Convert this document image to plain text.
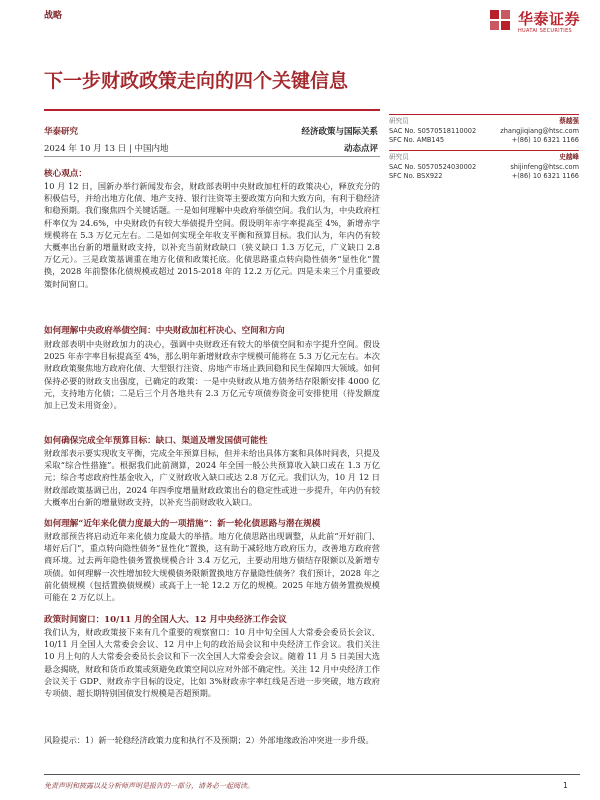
战略	华泰证券
HUATAI SECURITIES
下一步财政政策走向的四个关键信息
华泰研究	经济政策与国际关系
2024 年 10 月 13 日 | 中国内地	动态点评
研究员	蔡越强
SAC No. S0570518110002	zhangjiqiang@htsc.com
SFC No. AMB145	+(86) 10 6321 1166
研究员	史越峰
SAC No. S0570524030002	shijinfeng@htsc.com
SFC No. BSX922	+(86) 10 6321 1166
核心观点：

10 月 12 日，国新办举行新闻发布会，财政部表明中央财政加杠杆的政策决心，释放充分的积极信号，并给出地方化债、地产支持、银行注资等主要政策方向和大致方向，有利于稳经济和稳预期。我们聚焦四个关键话题。一是如何理解中央政府举债空间。我们认为，中央政府杠杆率仅为 24.6%，中央财政仍有较大举债提升空间。假设明年赤字率提高至 4%，新增赤字规模将在 5.3 万亿元左右。二是如何实现全年收支平衡和预算目标。我们认为，年内仍有较大概率出台新的增量财政支持，以补充当前财政缺口（狭义缺口 1.3 万亿元，广义缺口 2.8 万亿元）。三是政策基调重在地方化债和政策托底。化债思路重点转向隐性债务“显性化”置换，2028 年前整体化债规模或超过 2015-2018 年的 12.2 万亿元。四是未来三个月重要政策时间窗口。

如何理解中央政府举债空间：中央财政加杠杆决心、空间和方向

财政部表明中央财政加力的决心，强调中央财政还有较大的举债空间和赤字提升空间。假设 2025 年赤字率目标提高至 4%，那么明年新增财政赤字规模可能将在 5.3 万亿元左右。本次财政政策聚焦地方政府化债、大型银行注资、房地产市场止跌回稳和民生保障四大领域。如何保持必要的财政支出强度，已确定的政策：一是中央财政从地方债务结存限额安排 4000 亿元，支持地方化债；二是后三个月各地共有 2.3 万亿元专项债券资金可安排使用（待发额度加上已发未用资金）。

如何确保完成全年预算目标：缺口、渠道及增发国债可能性

财政部表示要实现收支平衡，完成全年预算目标，但并未给出具体方案和具体时间表，只提及采取“综合性措施”。根据我们此前测算，2024 年全国一般公共预算收入缺口或在 1.3 万亿元；综合考虑政府性基金收入，广义财政收入缺口或达 2.8 万亿元。我们认为，10 月 12 日财政部政策基调已出，2024 年四季度增量财政政策出台的稳定性或进一步提升，年内仍有较大概率出台新的增量财政支持，以补充当前财政收入缺口。

如何理解“近年来化债力度最大的一项措施”：新一轮化债思路与潜在规模

财政部预告将启动近年来化债力度最大的举措。地方化债思路出现调整，从此前“开好前门、堵好后门”，重点转向隐性债务“显性化”置换，这有助于减轻地方政府压力，改善地方政府营商环境。过去两年隐性债务置换规模合计 3.4 万亿元，主要动用地方债结存限额以及新增专项债。如何理解一次性增加较大规模债务限额置换地方存量隐性债务？我们预计，2028 年之前化债规模（包括置换债规模）或高于上一轮 12.2 万亿的规模。2025 年地方债务置换规模可能在 2 万亿以上。

政策时间窗口：10/11 月的全国人大、12 月中央经济工作会议

我们认为，财政政策接下来有几个重要的观察窗口：10 月中旬全国人大常委会委员长会议、10/11 月全国人大常委会会议、12 月中上旬的政治局会议和中央经济工作会议。我们关注 10 月上旬的人大常委会委员长会议和下一次全国人大常委会会议。随着 11 月 5 日美国大选悬念揭晓，财政和货币政策或须避免政策空间以应对外部不确定性。关注 12 月中央经济工作会议关于 GDP、财政赤字目标的设定，比如 3%财政赤字率红线是否进一步突破，地方政府专项债、超长期特别国债发行规模是否超预期。

风险提示：1）新一轮稳经济政策力度和执行不及预期；2）外部地缘政治冲突进一步升级。

免责声明和披露以及分析师声明是报告的一部分，请务必一起阅读。	1
